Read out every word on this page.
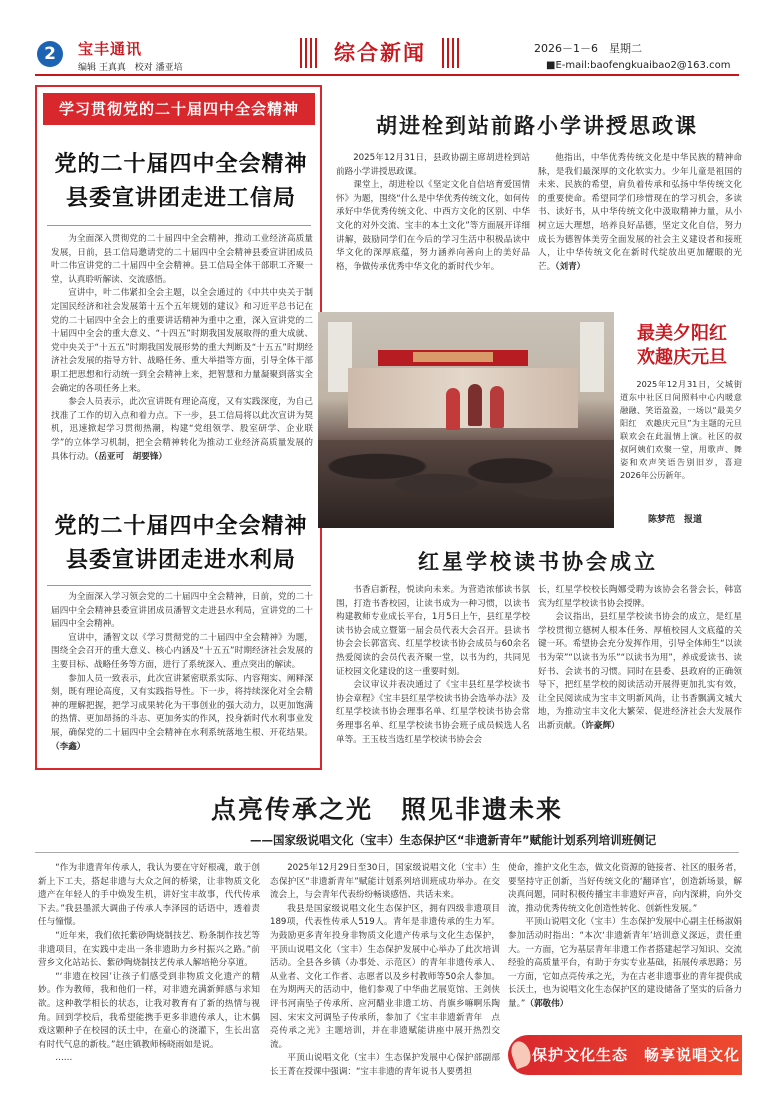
2	宝丰通讯
编辑 王真真 校对 潘亚培
综合新闻	2026－1－6　星期二
■E-mail:baofengkuaibao2@163.com
学习贯彻党的二十届四中全会精神
党的二十届四中全会精神
县委宣讲团走进工信局

为全面深入贯彻党的二十届四中全会精神，推动工业经济高质量发展，日前，县工信局邀请党的二十届四中全会精神县委宣讲团成员叶二伟宣讲党的二十届四中全会精神。县工信局全体干部职工齐聚一堂，认真聆听解读、交流感悟。

宣讲中，叶二伟紧扣全会主题，以全会通过的《中共中央关于制定国民经济和社会发展第十五个五年规划的建议》和习近平总书记在党的二十届四中全会上的重要讲话精神为重中之重，深入宣讲党的二十届四中全会的重大意义、“十四五”时期我国发展取得的重大成就、党中央关于“十五五”时期我国发展形势的重大判断及“十五五”时期经济社会发展的指导方针、战略任务、重大举措等方面，引导全体干部职工把思想和行动统一到全会精神上来，把智慧和力量凝聚到落实全会确定的各项任务上来。

参会人员表示，此次宣讲既有理论高度，又有实践深度，为自己找准了工作的切入点和着力点。下一步，县工信局将以此次宣讲为契机，迅速掀起学习贯彻热潮，构建“党组领学、股室研学、企业联学”的立体学习机制，把全会精神转化为推动工业经济高质量发展的具体行动。（岳亚可　胡要锋）

党的二十届四中全会精神
县委宣讲团走进水利局

为全面深入学习领会党的二十届四中全会精神，日前，党的二十届四中全会精神县委宣讲团成员潘智文走进县水利局，宣讲党的二十届四中全会精神。

宣讲中，潘智文以《学习贯彻党的二十届四中全会精神》为题，围绕全会召开的重大意义、核心内涵及“十五五”时期经济社会发展的主要目标、战略任务等方面，进行了系统深入、重点突出的解读。

参加人员一致表示，此次宣讲紧密联系实际、内容翔实、阐释深刻，既有理论高度，又有实践指导性。下一步，将持续深化对全会精神的理解把握，把学习成果转化为干事创业的强大动力，以更加饱满的热情、更加昂扬的斗志、更加务实的作风，投身新时代水利事业发展，确保党的二十届四中全会精神在水利系统落地生根、开花结果。（李鑫）

胡进栓到站前路小学讲授思政课

2025年12月31日，县政协副主席胡进栓到站前路小学讲授思政课。

课堂上，胡进栓以《坚定文化自信培育爱国情怀》为题，围绕“什么是中华优秀传统文化，如何传承好中华优秀传统文化、中西方文化的区别、中华文化的对外交流、宝丰的本土文化”等方面展开详细讲解，鼓励同学们在今后的学习生活中积极品读中华文化的深厚底蕴，努力涵养向善向上的美好品格，争做传承优秀中华文化的新时代少年。

他指出，中华优秀传统文化是中华民族的精神命脉，是我们最深厚的文化软实力。少年儿童是祖国的未来、民族的希望，肩负着传承和弘扬中华传统文化的重要使命。希望同学们珍惜现在的学习机会，多读书、读好书，从中华传统文化中汲取精神力量，从小树立远大理想，培养良好品德，坚定文化自信，努力成长为德智体美劳全面发展的社会主义建设者和接班人，让中华传统文化在新时代绽放出更加耀眼的光芒。（刘青）

最美夕阳红
欢趣庆元旦

2025年12月31日，父城街道东中社区日间照料中心内暖意融融、笑语盈盈，一场以“最美夕阳红　欢趣庆元旦”为主题的元旦联欢会在此温情上演。社区的叔叔阿姨们欢聚一堂，用歌声、舞姿和欢声笑语告别旧岁，喜迎2026年公历新年。

陈梦范　报道
红星学校读书协会成立

书香启新程，悦读向未来。为营造浓郁读书氛围，打造书香校园，让读书成为一种习惯，以读书构建教师专业成长平台，1月5日上午，县红星学校读书协会成立暨第一届会员代表大会召开。县读书协会会长郭富宾、红星学校读书协会成员与60余名热爱阅读的会员代表齐聚一堂，以书为约，共同见证校园文化建设的这一重要时刻。

会议审议并表决通过了《宝丰县红星学校读书协会章程》《宝丰县红星学校读书协会选举办法》及红星学校读书协会理事名单、红星学校读书协会常务理事名单、红星学校读书协会班子成员候选人名单等。王玉枝当选红星学校读书协会会

长，红星学校校长陶娜受聘为该协会名誉会长，韩富宾为红星学校读书协会授牌。

会议指出，县红星学校读书协会的成立，是红星学校贯彻立德树人根本任务、厚植校园人文底蕴的关键一环。希望协会充分发挥作用，引导全体师生“以读书为荣”“以读书为乐”“以读书为用”，养成爱读书、读好书、会读书的习惯。同时在县委、县政府的正确领导下，把红星学校的阅读活动开展得更加扎实有效，让全民阅读成为宝丰文明新风尚，让书香飘满文城大地，为推动宝丰文化大繁荣、促进经济社会大发展作出新贡献。（许豪辉）

点亮传承之光 照见非遗未来
——国家级说唱文化（宝丰）生态保护区“非遗新青年”赋能计划系列培训班侧记

“作为非遗青年传承人，我认为要在守好根魂，敢于创新上下工夫，搭起非遗与大众之间的桥梁，让非物质文化遗产在年轻人的手中焕发生机，讲好宝丰故事，代代传承下去。”我县墨派大调曲子传承人李泽园的话语中，透着责任与憧憬。

“近年来，我们依托紫砂陶烧制技艺、粉条制作技艺等非遗项目，在实践中走出一条非遗助力乡村振兴之路。”前营乡文化站站长、紫砂陶烧制技艺传承人解培艳分享道。

“‘非遗在校园’让孩子们感受到非物质文化遗产的精妙。作为教师，我和他们一样，对非遗充满新鲜感与求知欲。这种教学相长的状态，让我对教育有了新的热情与视角。回到学校后，我希望能携手更多非遗传承人，让木偶戏这颗种子在校园的沃土中，在童心的浇灌下，生长出富有时代气息的新枝。”赵庄镇教师杨晓雨如是说。

……

2025年12月29日至30日，国家级说唱文化（宝丰）生态保护区“非遗新青年”赋能计划系列培训班成功举办。在交流会上，与会青年代表纷纷畅谈感悟、共话未来。

我县是国家级说唱文化生态保护区，拥有四级非遗项目189项，代表性传承人519人。青年是非遗传承的生力军。为鼓励更多青年投身非物质文化遗产传承与文化生态保护，平顶山说唱文化（宝丰）生态保护发展中心举办了此次培训活动。全县各乡镇（办事处、示范区）的青年非遗传承人、从业者、文化工作者、志愿者以及乡村教师等50余人参加。在为期两天的活动中，他们参观了中华曲艺展览馆、王剑侠评书河南坠子传承所、应河醋业非遗工坊、肖旗乡嘛啊乐陶园、宋宋文河调坠子传承所，参加了《宝丰非遗新青年　点亮传承之光》主题培训，并在非遗赋能讲座中展开热烈交流。

平顶山说唱文化（宝丰）生态保护发展中心保护部副部长王菁在授课中强调：“宝丰非遗的青年说书人要勇担

使命，推护文化生态，做文化资源的链接者、社区的服务者，要坚持守正创新，当好传统文化的‘翻译官’，创造新场景，解决真问题，同时积极传播宝丰非遗好声音，向内深耕，向外交流，推动优秀传统文化创造性转化、创新性发展。”

平顶山说唱文化（宝丰）生态保护发展中心副主任杨淑娟参加活动时指出：“本次‘非遗新青年’培训意义深远，责任重大。一方面，它为基层青年非遗工作者搭建起学习知识、交流经验的高质量平台，有助于夯实专业基础，拓展传承思路；另一方面，它如点亮传承之光，为在古老非遗事业的青年提供成长沃土，也为说唱文化生态保护区的建设储备了坚实的后备力量。”（郭敬伟）

保护文化生态　畅享说唱文化
